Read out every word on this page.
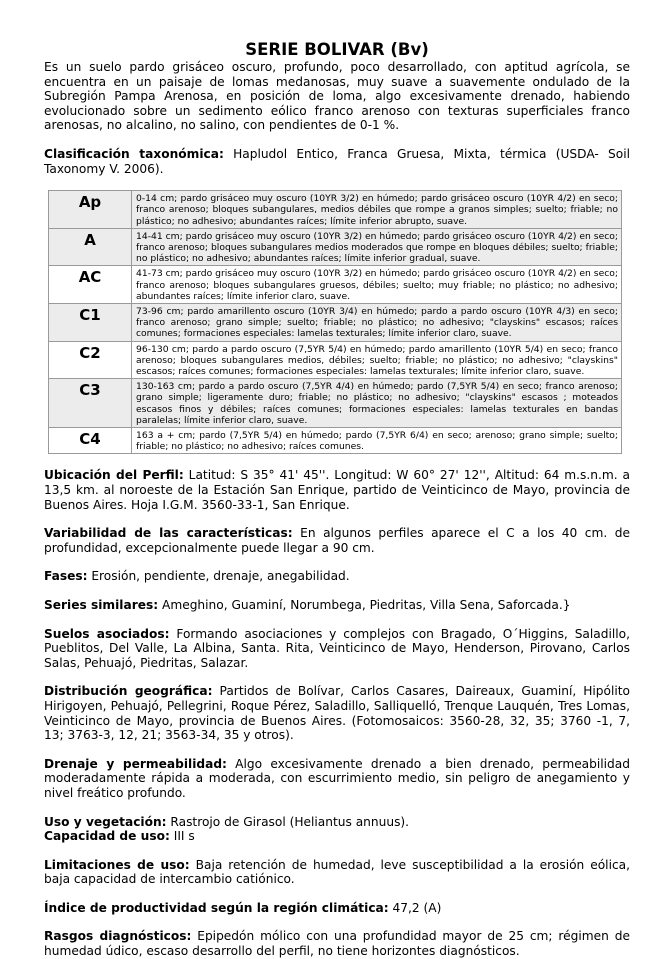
SERIE BOLIVAR (Bv)

Es un suelo pardo grisáceo oscuro, profundo, poco desarrollado, con aptitud agrícola, se encuentra en un paisaje de lomas medanosas, muy suave a suavemente ondulado de la Subregión Pampa Arenosa, en posición de loma, algo excesivamente drenado, habiendo evolucionado sobre un sedimento eólico franco arenoso con texturas superficiales franco arenosas, no alcalino, no salino, con pendientes de 0-1 %.

Clasificación taxonómica: Hapludol Entico, Franca Gruesa, Mixta, térmica (USDA- Soil Taxonomy V. 2006).

Ap	0-14 cm; pardo grisáceo muy oscuro (10YR 3/2) en húmedo; pardo grisáceo oscuro (10YR 4/2) en seco; franco arenoso; bloques subangulares, medios débiles que rompe a granos simples; suelto; friable; no plástico; no adhesivo; abundantes raíces; límite inferior abrupto, suave.
A	14-41 cm; pardo grisáceo muy oscuro (10YR 3/2) en húmedo; pardo grisáceo oscuro (10YR 4/2) en seco; franco arenoso; bloques subangulares medios moderados que rompe en bloques débiles; suelto; friable; no plástico; no adhesivo; abundantes raíces; límite inferior gradual, suave.
AC	41-73 cm; pardo grisáceo muy oscuro (10YR 3/2) en húmedo; pardo grisáceo oscuro (10YR 4/2) en seco; franco arenoso; bloques subangulares gruesos, débiles; suelto; muy friable; no plástico; no adhesivo; abundantes raíces; límite inferior claro, suave.
C1	73-96 cm; pardo amarillento oscuro (10YR 3/4) en húmedo; pardo a pardo oscuro (10YR 4/3) en seco; franco arenoso; grano simple; suelto; friable; no plástico; no adhesivo; "clayskins" escasos; raíces comunes; formaciones especiales: lamelas texturales; límite inferior claro, suave.
C2	96-130 cm; pardo a pardo oscuro (7,5YR 5/4) en húmedo; pardo amarillento (10YR 5/4) en seco; franco arenoso; bloques subangulares medios, débiles; suelto; friable; no plástico; no adhesivo; "clayskins" escasos; raíces comunes; formaciones especiales: lamelas texturales; límite inferior claro, suave.
C3	130-163 cm; pardo a pardo oscuro (7,5YR 4/4) en húmedo; pardo (7,5YR 5/4) en seco; franco arenoso; grano simple; ligeramente duro; friable; no plástico; no adhesivo; "clayskins" escasos ; moteados escasos finos y débiles; raíces comunes; formaciones especiales: lamelas texturales en bandas paralelas; límite inferior claro, suave.
C4	163 a + cm; pardo (7,5YR 5/4) en húmedo; pardo (7,5YR 6/4) en seco; arenoso; grano simple; suelto; friable; no plástico; no adhesivo; raíces comunes.

Ubicación del Perfil: Latitud: S 35° 41' 45''. Longitud: W 60° 27' 12'', Altitud: 64 m.s.n.m. a 13,5 km. al noroeste de la Estación San Enrique, partido de Veinticinco de Mayo, provincia de Buenos Aires. Hoja I.G.M. 3560-33-1, San Enrique.

Variabilidad de las características: En algunos perfiles aparece el C a los 40 cm. de profundidad, excepcionalmente puede llegar a 90 cm.

Fases: Erosión, pendiente, drenaje, anegabilidad.

Series similares: Ameghino, Guaminí, Norumbega, Piedritas, Villa Sena, Saforcada.}

Suelos asociados: Formando asociaciones y complejos con Bragado, O´Higgins, Saladillo, Pueblitos, Del Valle, La Albina, Santa. Rita, Veinticinco de Mayo, Henderson, Pirovano, Carlos Salas, Pehuajó, Piedritas, Salazar.

Distribución geográfica: Partidos de Bolívar, Carlos Casares, Daireaux, Guaminí, Hipólito Hirigoyen, Pehuajó, Pellegrini, Roque Pérez, Saladillo, Salliquelló, Trenque Lauquén, Tres Lomas, Veinticinco de Mayo, provincia de Buenos Aires. (Fotomosaicos: 3560-28, 32, 35; 3760 -1, 7, 13; 3763-3, 12, 21; 3563-34, 35 y otros).

Drenaje y permeabilidad: Algo excesivamente drenado a bien drenado, permeabilidad moderadamente rápida a moderada, con escurrimiento medio, sin peligro de anegamiento y nivel freático profundo.

Uso y vegetación: Rastrojo de Girasol (Heliantus annuus).

Capacidad de uso: III s

Limitaciones de uso: Baja retención de humedad, leve susceptibilidad a la erosión eólica, baja capacidad de intercambio catiónico.

Índice de productividad según la región climática: 47,2 (A)

Rasgos diagnósticos: Epipedón mólico con una profundidad mayor de 25 cm; régimen de humedad údico, escaso desarrollo del perfil, no tiene horizontes diagnósticos.
